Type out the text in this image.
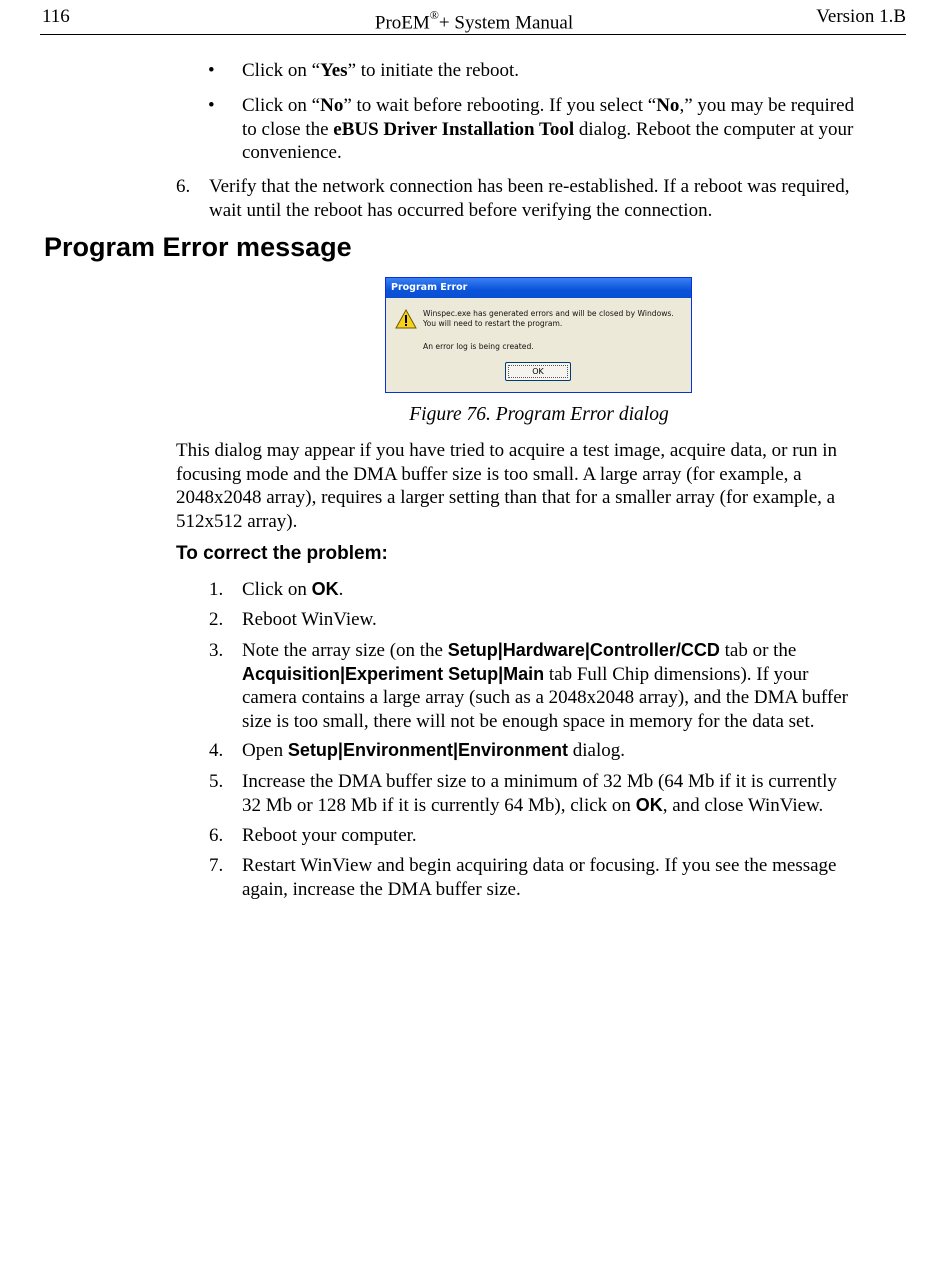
116	ProEM®+ System Manual	Version 1.B
• Click on “Yes” to initiate the reboot.
• Click on “No” to wait before rebooting. If you select “No,” you may be required
to close the eBUS Driver Installation Tool dialog. Reboot the computer at your
convenience.
6. Verify that the network connection has been re-established. If a reboot was required,
wait until the reboot has occurred before verifying the connection.
Program Error message
Program Error
Winspec.exe has generated errors and will be closed by Windows.
You will need to restart the program.
An error log is being created.
OK
Figure 76. Program Error dialog
This dialog may appear if you have tried to acquire a test image, acquire data, or run in
focusing mode and the DMA buffer size is too small. A large array (for example, a
2048x2048 array), requires a larger setting than that for a smaller array (for example, a
512x512 array).
To correct the problem:
1. Click on OK.
2. Reboot WinView.
3. Note the array size (on the Setup|Hardware|Controller/CCD tab or the
Acquisition|Experiment Setup|Main tab Full Chip dimensions). If your
camera contains a large array (such as a 2048x2048 array), and the DMA buffer
size is too small, there will not be enough space in memory for the data set.
4. Open Setup|Environment|Environment dialog.
5. Increase the DMA buffer size to a minimum of 32 Mb (64 Mb if it is currently
32 Mb or 128 Mb if it is currently 64 Mb), click on OK, and close WinView.
6. Reboot your computer.
7. Restart WinView and begin acquiring data or focusing. If you see the message
again, increase the DMA buffer size.
